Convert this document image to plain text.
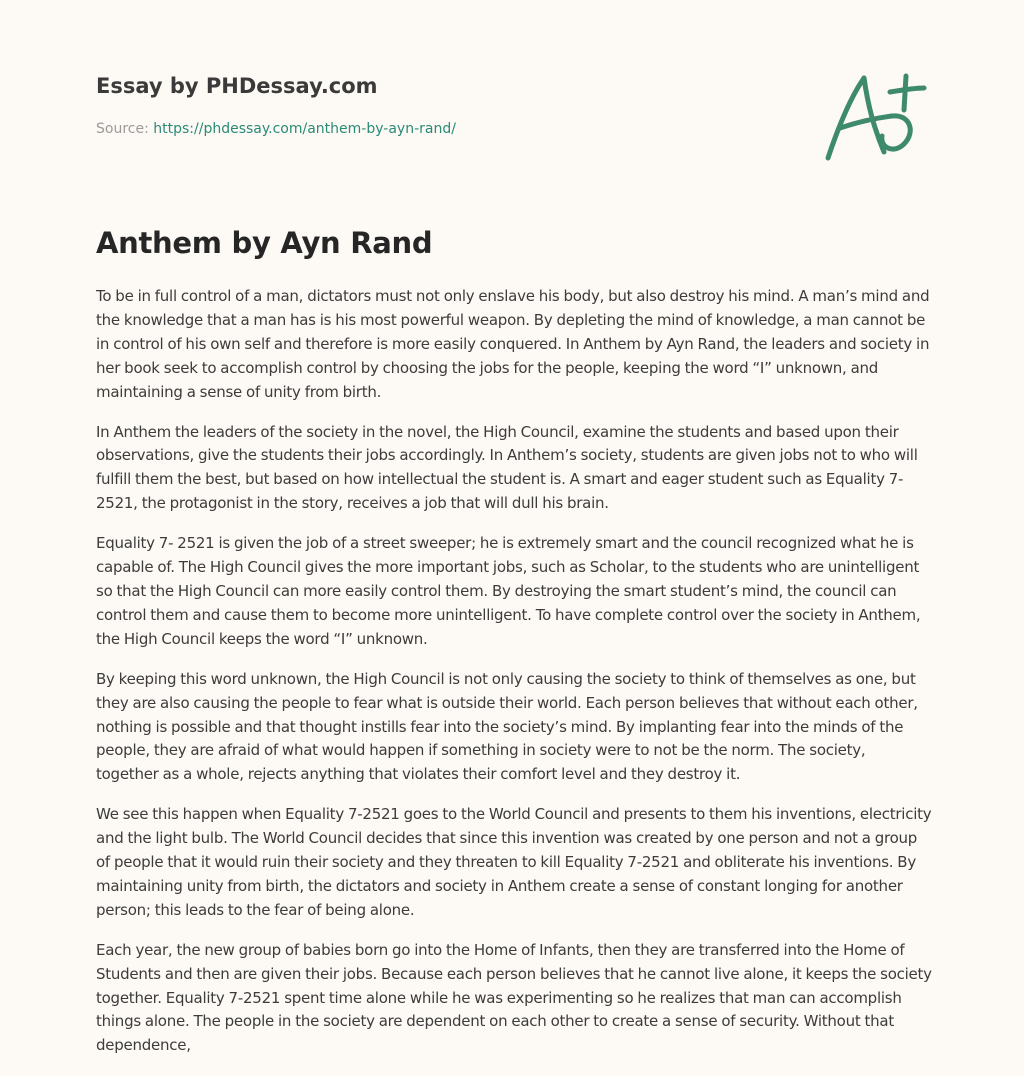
Essay by PHDessay.com
Source: https://phdessay.com/anthem-by-ayn-rand/
Anthem by Ayn Rand

To be in full control of a man, dictators must not only enslave his body, but also destroy his mind. A man’s mind and the knowledge that a man has is his most powerful weapon. By depleting the mind of knowledge, a man cannot be in control of his own self and therefore is more easily conquered. In Anthem by Ayn Rand, the leaders and society in her book seek to accomplish control by choosing the jobs for the people, keeping the word “I” unknown, and maintaining a sense of unity from birth.

In Anthem the leaders of the society in the novel, the High Council, examine the students and based upon their observations, give the students their jobs accordingly. In Anthem’s society, students are given jobs not to who will fulfill them the best, but based on how intellectual the student is. A smart and eager student such as Equality 7-2521, the protagonist in the story, receives a job that will dull his brain.

Equality 7- 2521 is given the job of a street sweeper; he is extremely smart and the council recognized what he is capable of. The High Council gives the more important jobs, such as Scholar, to the students who are unintelligent so that the High Council can more easily control them. By destroying the smart student’s mind, the council can control them and cause them to become more unintelligent. To have complete control over the society in Anthem, the High Council keeps the word “I” unknown.

By keeping this word unknown, the High Council is not only causing the society to think of themselves as one, but they are also causing the people to fear what is outside their world. Each person believes that without each other, nothing is possible and that thought instills fear into the society’s mind. By implanting fear into the minds of the people, they are afraid of what would happen if something in society were to not be the norm. The society, together as a whole, rejects anything that violates their comfort level and they destroy it.

We see this happen when Equality 7-2521 goes to the World Council and presents to them his inventions, electricity and the light bulb. The World Council decides that since this invention was created by one person and not a group of people that it would ruin their society and they threaten to kill Equality 7-2521 and obliterate his inventions. By maintaining unity from birth, the dictators and society in Anthem create a sense of constant longing for another person; this leads to the fear of being alone.

Each year, the new group of babies born go into the Home of Infants, then they are transferred into the Home of Students and then are given their jobs. Because each person believes that he cannot live alone, it keeps the society together. Equality 7-2521 spent time alone while he was experimenting so he realizes that man can accomplish things alone. The people in the society are dependent on each other to create a sense of security. Without that dependence,
